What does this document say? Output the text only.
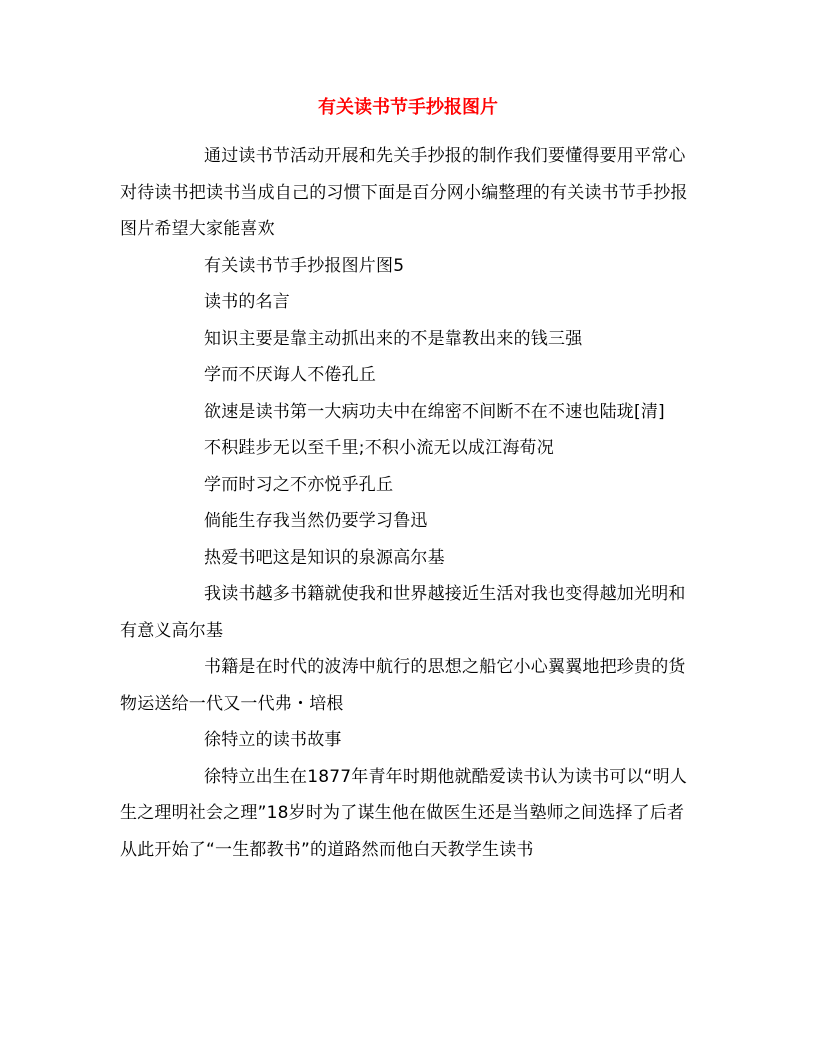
有关读书节手抄报图片

通过读书节活动开展和先关手抄报的制作我们要懂得要用平常心对待读书把读书当成自己的习惯下面是百分网小编整理的有关读书节手抄报图片希望大家能喜欢

有关读书节手抄报图片图5

读书的名言

知识主要是靠主动抓出来的不是靠教出来的钱三强

学而不厌诲人不倦孔丘

欲速是读书第一大病功夫中在绵密不间断不在不速也陆珑[清]

不积跬步无以至千里;不积小流无以成江海荀况

学而时习之不亦悦乎孔丘

倘能生存我当然仍要学习鲁迅

热爱书吧这是知识的泉源高尔基

我读书越多书籍就使我和世界越接近生活对我也变得越加光明和有意义高尔基

书籍是在时代的波涛中航行的思想之船它小心翼翼地把珍贵的货物运送给一代又一代弗・培根

徐特立的读书故事

徐特立出生在1877年青年时期他就酷爱读书认为读书可以“明人生之理明社会之理”18岁时为了谋生他在做医生还是当塾师之间选择了后者从此开始了“一生都教书”的道路然而他白天教学生读书
